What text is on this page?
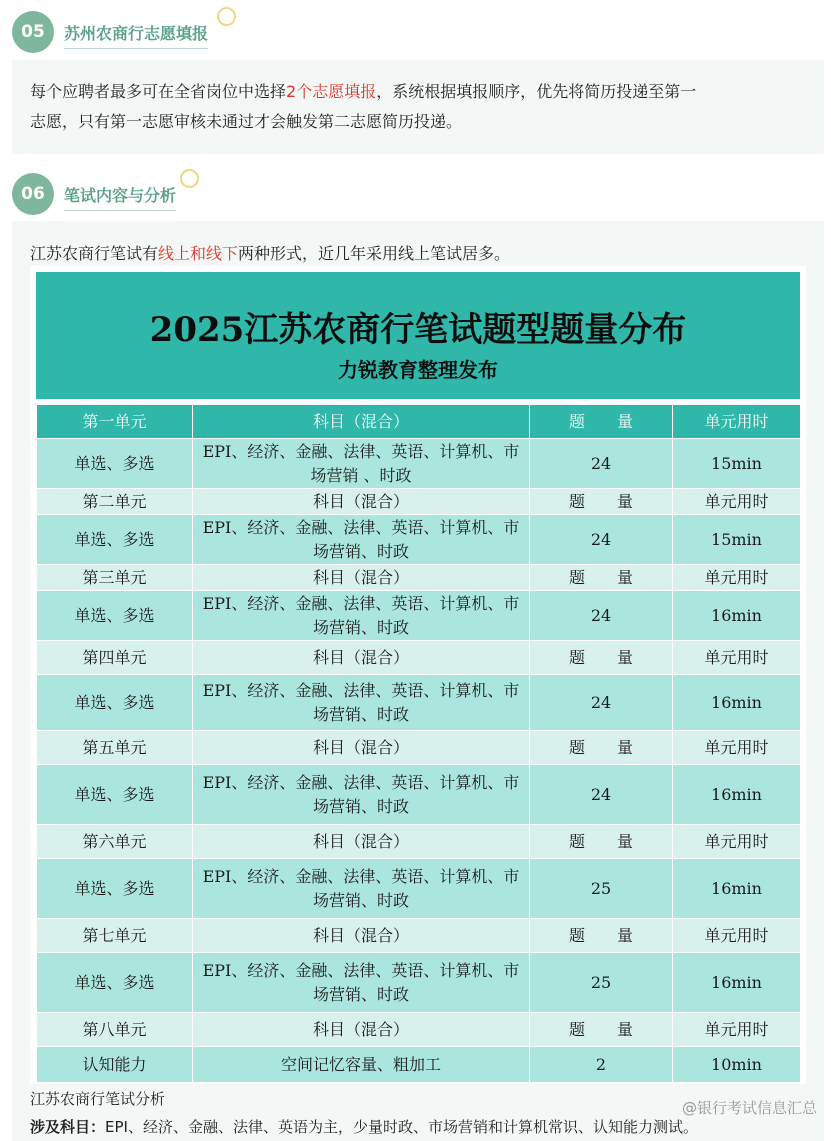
05	苏州农商行志愿填报
每个应聘者最多可在全省岗位中选择2个志愿填报，系统根据填报顺序，优先将简历投递至第一
志愿，只有第一志愿审核未通过才会触发第二志愿简历投递。
06	笔试内容与分析
江苏农商行笔试有线上和线下两种形式，近几年采用线上笔试居多。
2025江苏农商行笔试题型题量分布
力锐教育整理发布
第一单元	科目（混合）	题　　量	单元用时
单选、多选	EPI、经济、金融、法律、英语、计算机、市场营销 、时政	24	15min
第二单元	科目（混合）	题　　量	单元用时
单选、多选	EPI、经济、金融、法律、英语、计算机、市场营销、时政	24	15min
第三单元	科目（混合）	题　　量	单元用时
单选、多选	EPI、经济、金融、法律、英语、计算机、市场营销、时政	24	16min
第四单元	科目（混合）	题　　量	单元用时
单选、多选	EPI、经济、金融、法律、英语、计算机、市场营销、时政	24	16min
第五单元	科目（混合）	题　　量	单元用时
单选、多选	EPI、经济、金融、法律、英语、计算机、市场营销、时政	24	16min
第六单元	科目（混合）	题　　量	单元用时
单选、多选	EPI、经济、金融、法律、英语、计算机、市场营销、时政	25	16min
第七单元	科目（混合）	题　　量	单元用时
单选、多选	EPI、经济、金融、法律、英语、计算机、市场营销、时政	25	16min
第八单元	科目（混合）	题　　量	单元用时
认知能力	空间记忆容量、粗加工	2	10min
江苏农商行笔试分析
涉及科目：EPI、经济、金融、法律、英语为主，少量时政、市场营销和计算机常识、认知能力测试。
@银行考试信息汇总
